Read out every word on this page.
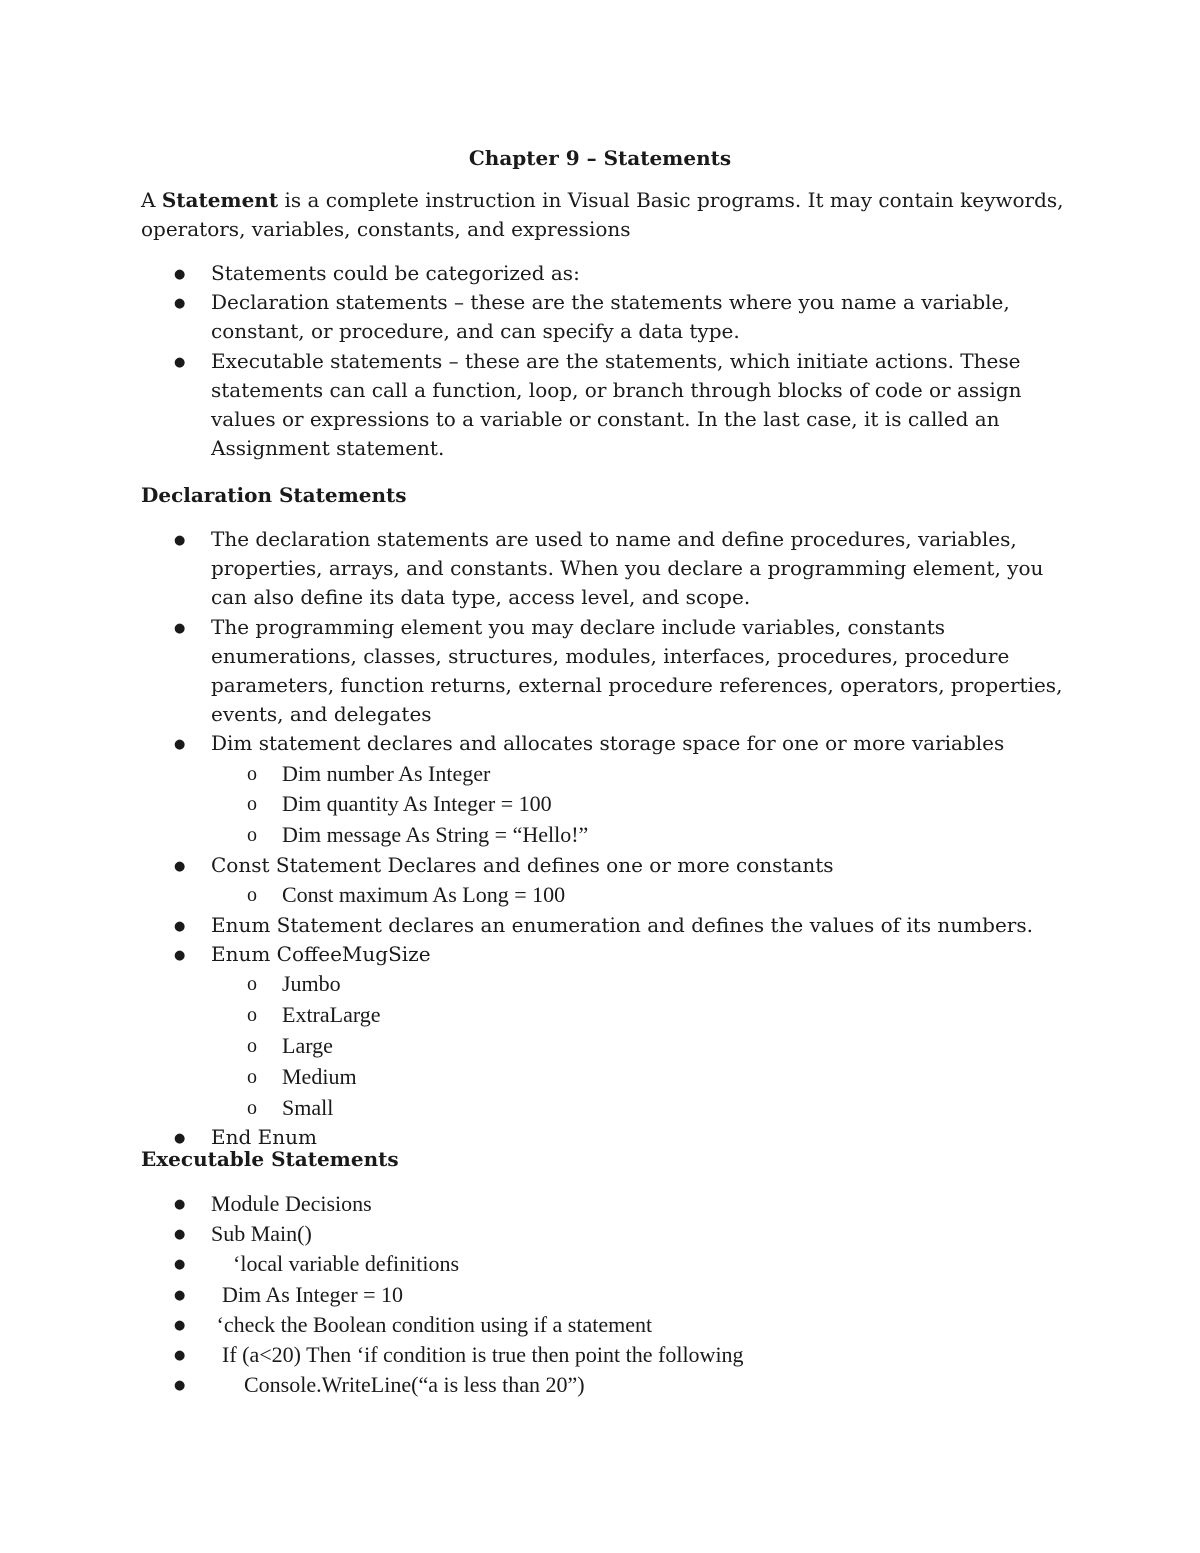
Chapter 9 – Statements
A Statement is a complete instruction in Visual Basic programs. It may contain keywords, operators, variables, constants, and expressions
●
Statements could be categorized as:
●
Declaration statements – these are the statements where you name a variable, constant, or procedure, and can specify a data type.
●
Executable statements – these are the statements, which initiate actions. These statements can call a function, loop, or branch through blocks of code or assign values or expressions to a variable or constant. In the last case, it is called an Assignment statement.
Declaration Statements
●
The declaration statements are used to name and define procedures, variables, properties, arrays, and constants. When you declare a programming element, you can also define its data type, access level, and scope.
●
The programming element you may declare include variables, constants enumerations, classes, structures, modules, interfaces, procedures, procedure parameters, function returns, external procedure references, operators, properties, events, and delegates
●
Dim statement declares and allocates storage space for one or more variables
o Dim number As Integer
o Dim quantity As Integer = 100
o Dim message As String = “Hello!”
●
Const Statement Declares and defines one or more constants
o Const maximum As Long = 100
●
Enum Statement declares an enumeration and defines the values of its numbers.
●
Enum CoffeeMugSize
o Jumbo
o ExtraLarge
o Large
o Medium
o Small
●
End Enum
Executable Statements
●
Module Decisions
●
Sub Main()
●
‘local variable definitions
●
Dim As Integer = 10
●
‘check the Boolean condition using if a statement
●
If (a<20) Then ‘if condition is true then point the following
●
Console.WriteLine(“a is less than 20”)
